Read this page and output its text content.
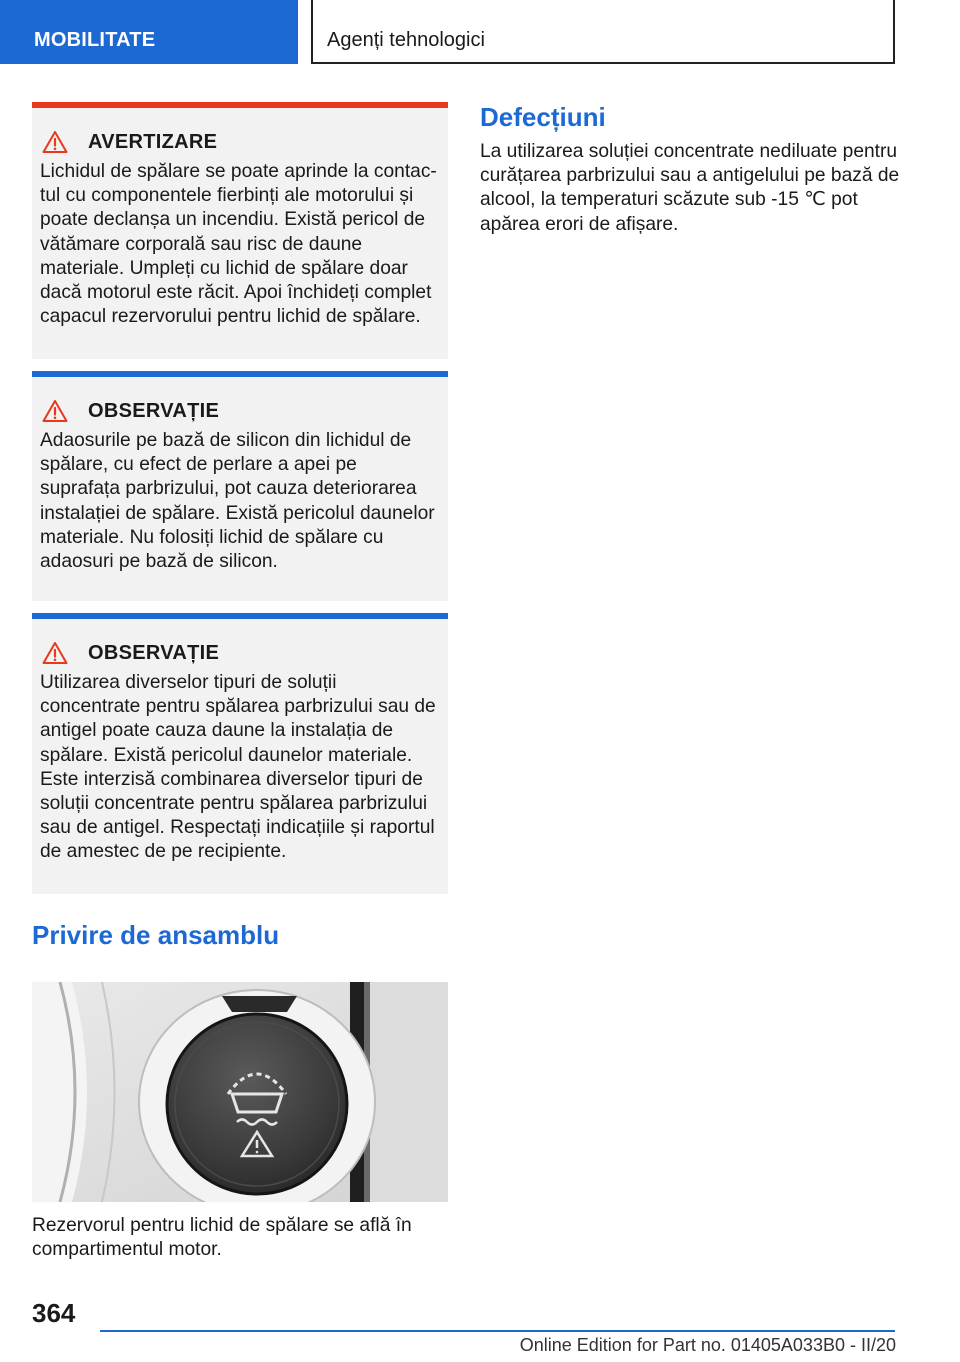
MOBILITATE	Agenți tehnologici
AVERTIZARE
Lichidul de spălare se poate aprinde la contactul cu componentele fierbinți ale motorului și poate declanșa un incendiu. Există pericol de vătămare corporală sau risc de daune materiale. Umpleți cu lichid de spălare doar dacă motorul este răcit. Apoi închideți complet capacul rezervorului pentru lichid de spălare.
OBSERVAȚIE
Adaosurile pe bază de silicon din lichidul de spălare, cu efect de perlare a apei pe suprafața parbrizului, pot cauza deteriorarea instalației de spălare. Există pericolul daunelor materiale. Nu folosiți lichid de spălare cu adaosuri pe bază de silicon.
OBSERVAȚIE
Utilizarea diverselor tipuri de soluții concentrate pentru spălarea parbrizului sau de antigel poate cauza daune la instalația de spălare. Există pericolul daunelor materiale. Este interzisă combinarea diverselor tipuri de soluții concentrate pentru spălarea parbrizului sau de antigel. Respectați indicațiile și raportul de amestec de pe recipiente.
Privire de ansamblu
Rezervorul pentru lichid de spălare se află în compartimentul motor.
Defecțiuni
La utilizarea soluției concentrate nediluate pentru curățarea parbrizului sau a antigelului pe bază de alcool, la temperaturi scăzute sub -15 ℃ pot apărea erori de afișare.
364
Online Edition for Part no. 01405A033B0 - II/20
